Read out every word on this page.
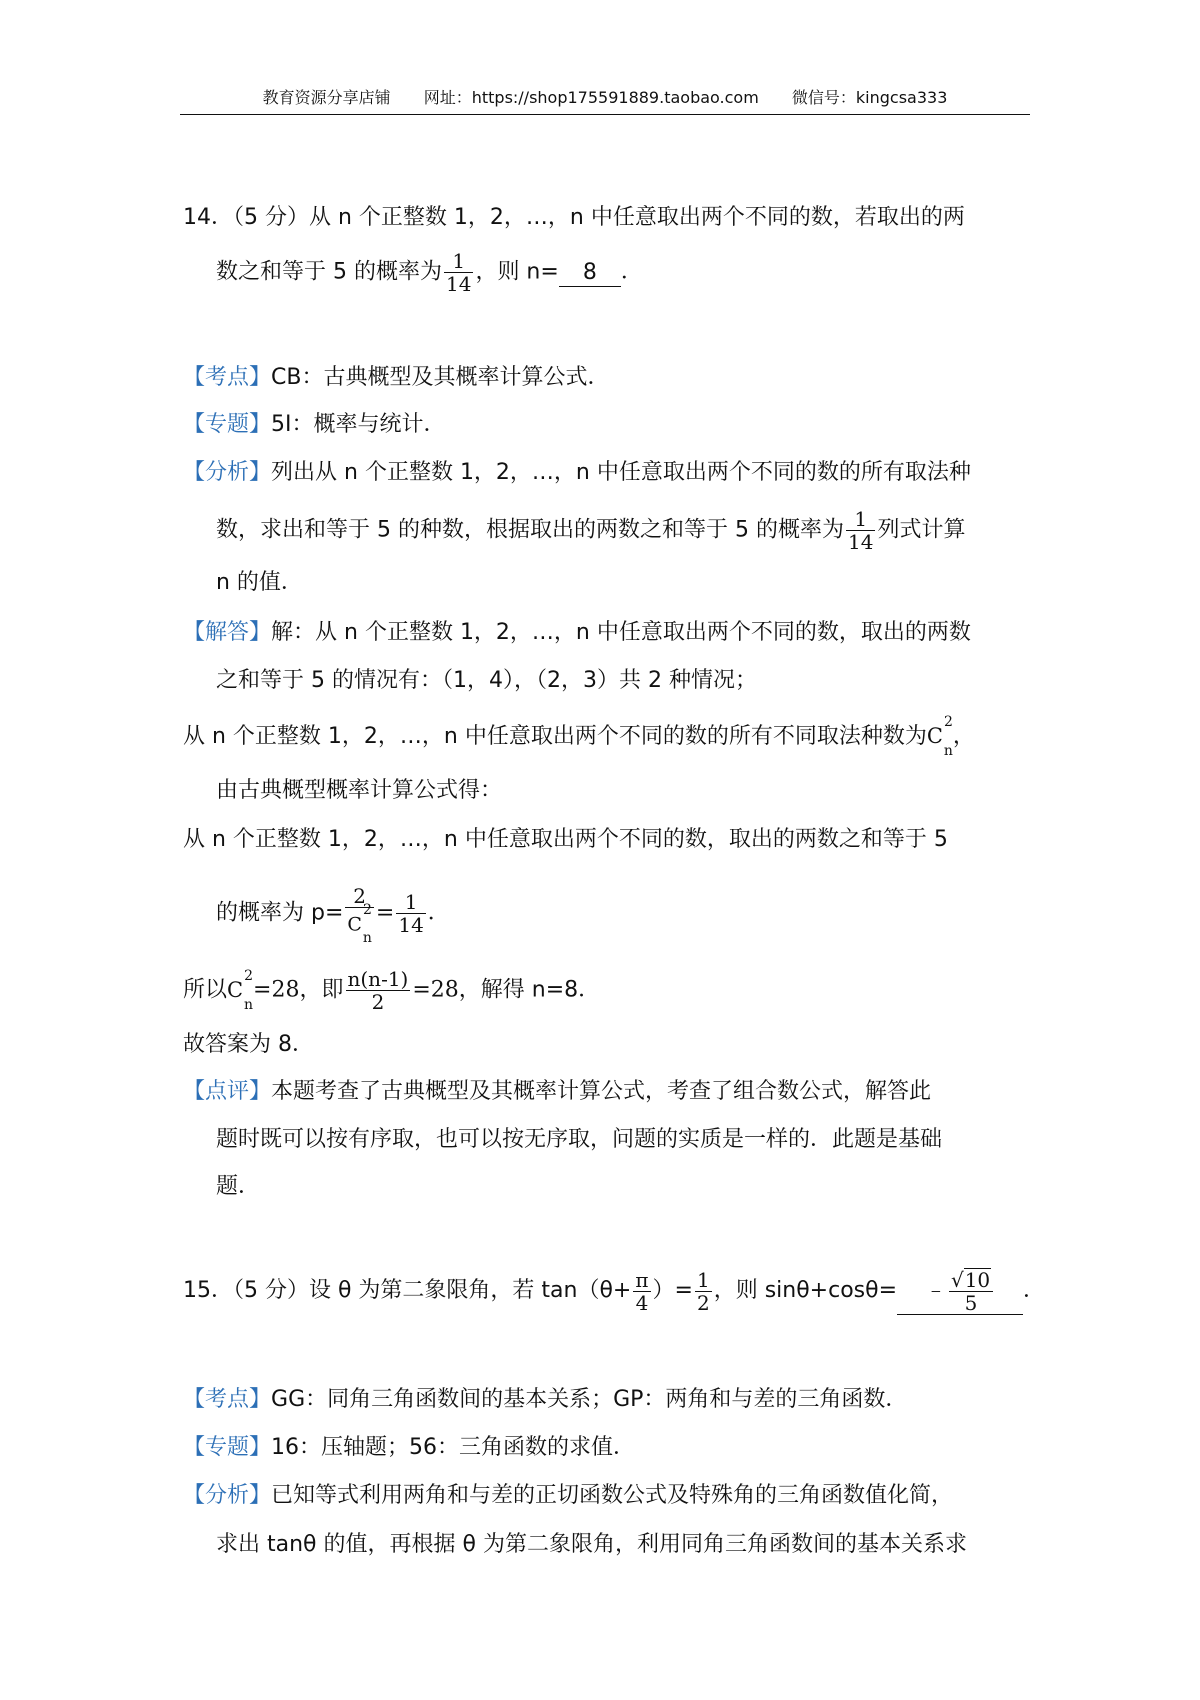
教育资源分享店铺 网址：https://shop175591889.taobao.com 微信号：kingcsa333
14．（5 分）从 n 个正整数 1，2，…，n 中任意取出两个不同的数，若取出的两
数之和等于 5 的概率为 $\frac{1}{14}$ ，则 n= 8 ．
【考点】CB：古典概型及其概率计算公式．
【专题】5I：概率与统计．
【分析】列出从 n 个正整数 1，2，…，n 中任意取出两个不同的数的所有取法种
数，求出和等于 5 的种数，根据取出的两数之和等于 5 的概率为 $\frac{1}{14}$ 列式计算
n 的值．
【解答】解：从 n 个正整数 1，2，…，n 中任意取出两个不同的数，取出的两数
之和等于 5 的情况有：（1，4），（2，3）共 2 种情况；
从 n 个正整数 1，2，…，n 中任意取出两个不同的数的所有不同取法种数为$C^2_n$，
由古典概型概率计算公式得：
从 n 个正整数 1，2，…，n 中任意取出两个不同的数，取出的两数之和等于 5
的概率为 $p= \frac{2}{C^2_n} = \frac{1}{14}$ ．
所以$C^2_n=28$，即 $\frac{n(n-1)}{2} =28$，解得 n=8．
故答案为 8．
【点评】本题考查了古典概型及其概率计算公式，考查了组合数公式，解答此
题时既可以按有序取，也可以按无序取，问题的实质是一样的．此题是基础
题．
15．（5 分）设 θ 为第二象限角，若 $\tan(\theta+ \frac{\pi}{4}$ ）= $\frac{1}{2}$ ，则 sinθ+cosθ= ﹣ $\frac{√10}{5}$ ．
【考点】GG：同角三角函数间的基本关系；GP：两角和与差的三角函数．
【专题】16：压轴题；56：三角函数的求值．
【分析】已知等式利用两角和与差的正切函数公式及特殊角的三角函数值化简，
求出 tanθ 的值，再根据 θ 为第二象限角，利用同角三角函数间的基本关系求
